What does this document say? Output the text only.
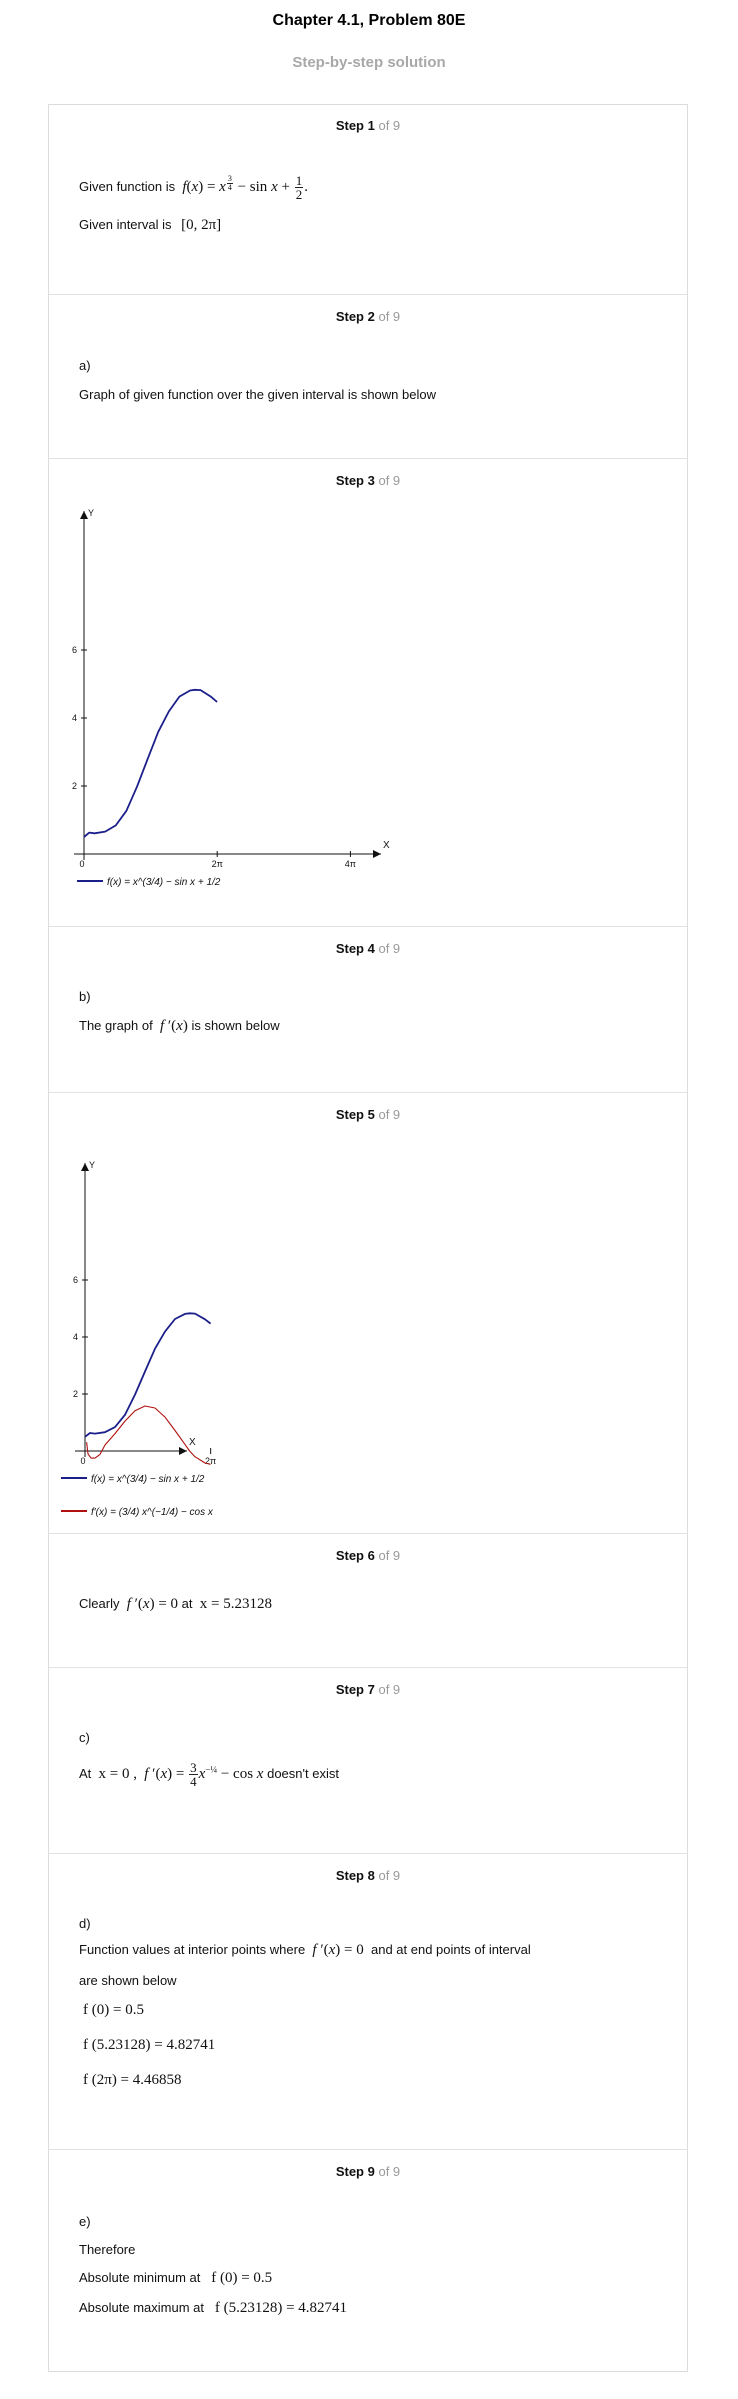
Chapter 4.1, Problem 80E
Step-by-step solution
Step 1 of 9
Given function is f(x) = x $^{\frac{3}{4}} - \sin x + \frac{1}{2}$ .
Given interval is [0, 2π]
Step 2 of 9
a)
Graph of given function over the given interval is shown below
Step 3 of 9
Y
X
2
4
6
0	2π	4π
f(x) = x^(3/4) − sin x + 1/2
Step 4 of 9
b)
The graph of f ′(x) is shown below
Step 5 of 9
Y
X
2
4
6
0	2π
f(x) = x^(3/4) − sin x + 1/2
f′(x) = (3/4) x^(−1/4) − cos x
Step 6 of 9
Clearly f ′(x) = 0 at x = 5.23128
Step 7 of 9
c)
At x = 0 , f $'(x) = \frac{3}{4} x^{-\frac{1}{4}} - \cos x$ doesn't exist
Step 8 of 9
d)
Function values at interior points where f ′(x) = 0 and at end points of interval
are shown below
f (0) = 0.5
f (5.23128) = 4.82741
f (2π) = 4.46858
Step 9 of 9
e)
Therefore
Absolute minimum at f (0) = 0.5
Absolute maximum at f (5.23128) = 4.82741
